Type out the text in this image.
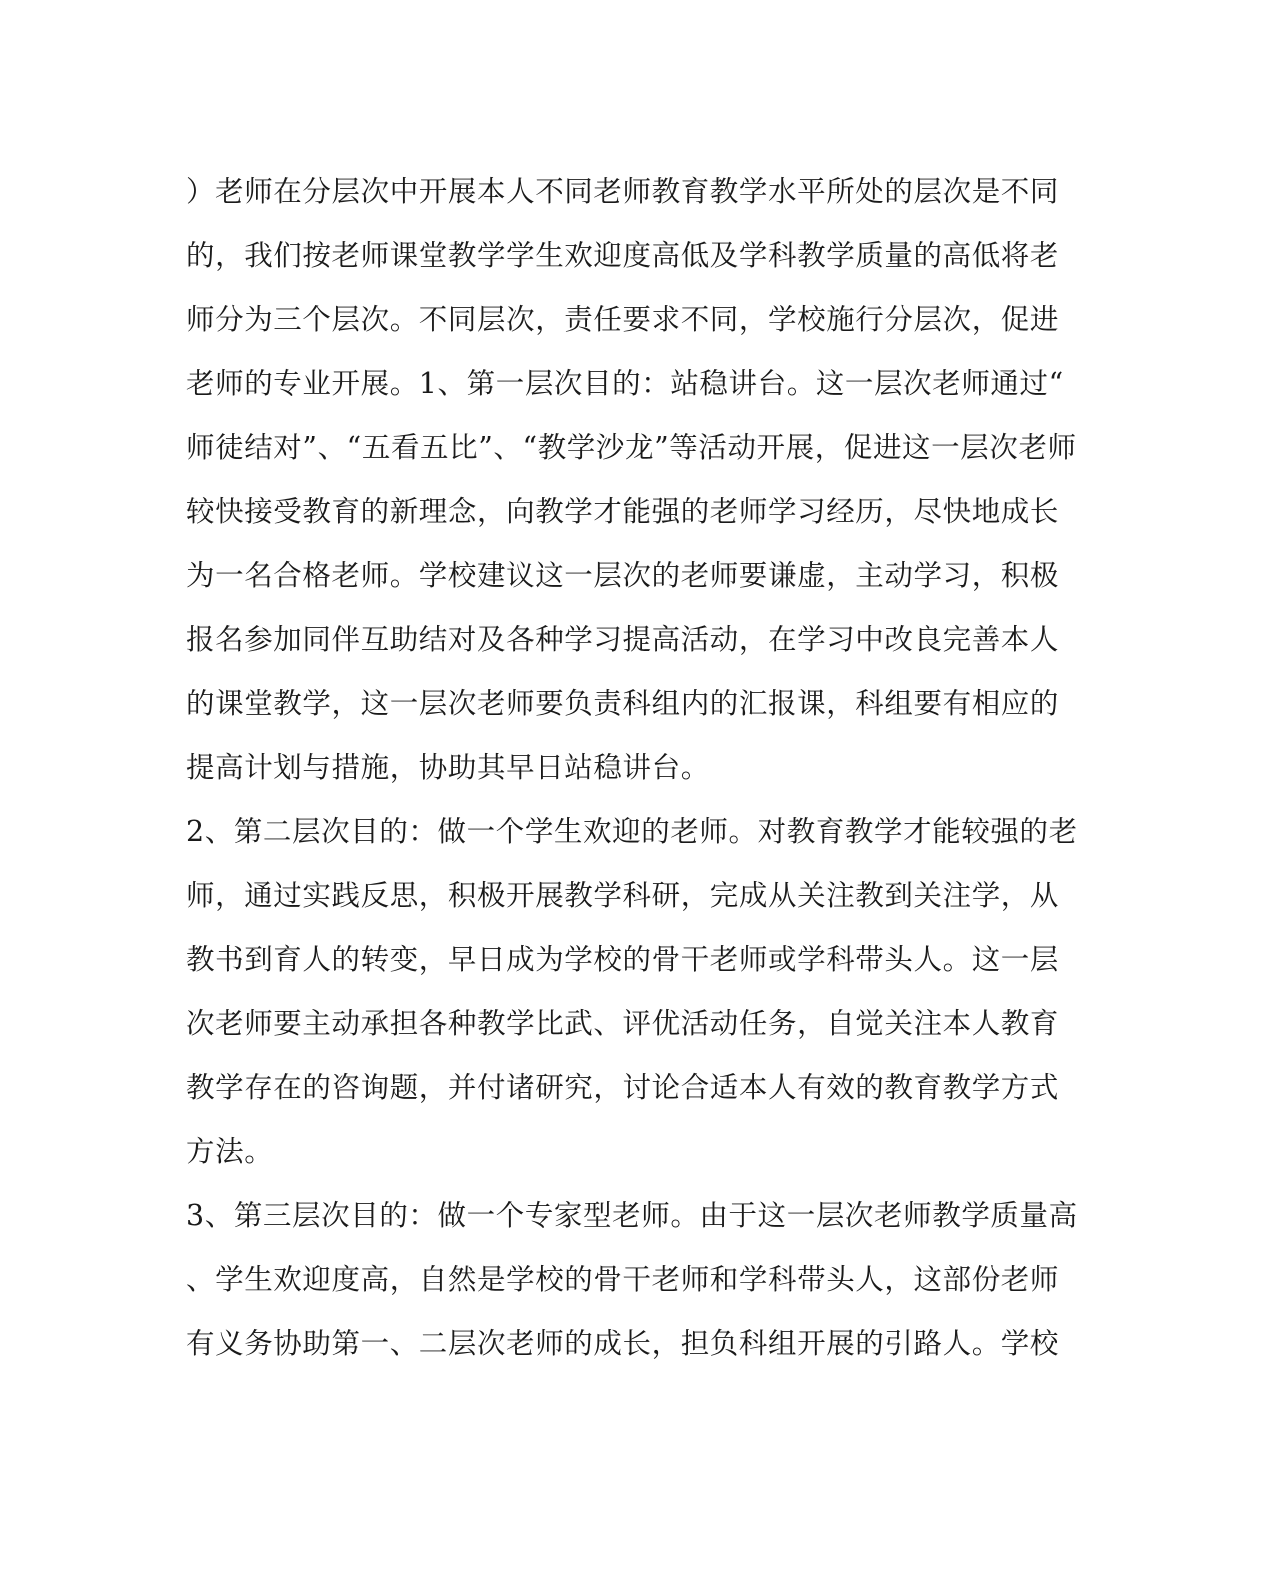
）老师在分层次中开展本人不同老师教育教学水平所处的层次是不同
的，我们按老师课堂教学学生欢迎度高低及学科教学质量的高低将老
师分为三个层次。不同层次，责任要求不同，学校施行分层次，促进
老师的专业开展。1、第一层次目的：站稳讲台。这一层次老师通过“
师徒结对”、“五看五比”、“教学沙龙”等活动开展，促进这一层次老师
较快接受教育的新理念，向教学才能强的老师学习经历，尽快地成长
为一名合格老师。学校建议这一层次的老师要谦虚，主动学习，积极
报名参加同伴互助结对及各种学习提高活动，在学习中改良完善本人
的课堂教学，这一层次老师要负责科组内的汇报课，科组要有相应的
提高计划与措施，协助其早日站稳讲台。
2、第二层次目的：做一个学生欢迎的老师。对教育教学才能较强的老
师，通过实践反思，积极开展教学科研，完成从关注教到关注学，从
教书到育人的转变，早日成为学校的骨干老师或学科带头人。这一层
次老师要主动承担各种教学比武、评优活动任务，自觉关注本人教育
教学存在的咨询题，并付诸研究，讨论合适本人有效的教育教学方式
方法。
3、第三层次目的：做一个专家型老师。由于这一层次老师教学质量高
、学生欢迎度高，自然是学校的骨干老师和学科带头人，这部份老师
有义务协助第一、二层次老师的成长，担负科组开展的引路人。学校
